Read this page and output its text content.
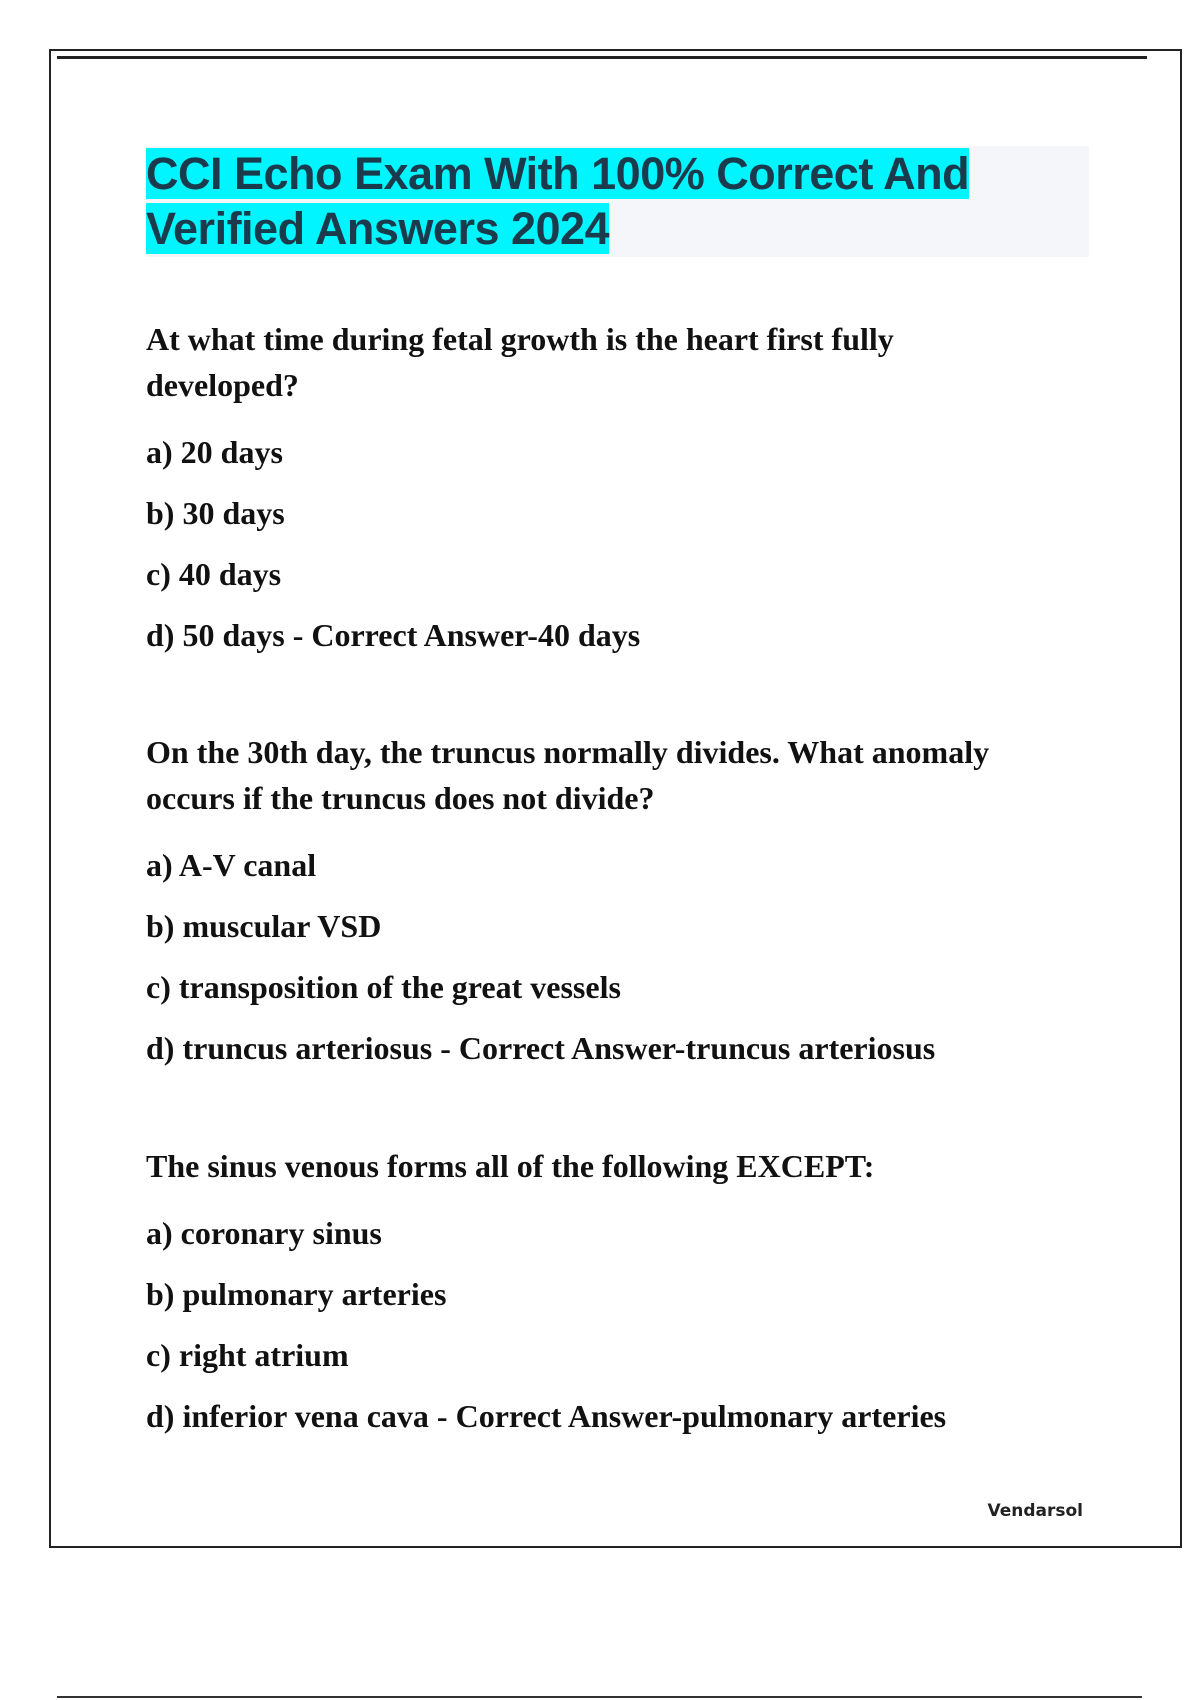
CCI Echo Exam With 100% Correct And Verified Answers 2024

At what time during fetal growth is the heart first fully developed?

a) 20 days

b) 30 days

c) 40 days

d) 50 days - Correct Answer-40 days

On the 30th day, the truncus normally divides. What anomaly occurs if the truncus does not divide?

a) A-V canal

b) muscular VSD

c) transposition of the great vessels

d) truncus arteriosus - Correct Answer-truncus arteriosus

The sinus venous forms all of the following EXCEPT:

a) coronary sinus

b) pulmonary arteries

c) right atrium

d) inferior vena cava - Correct Answer-pulmonary arteries

Vendarsol
